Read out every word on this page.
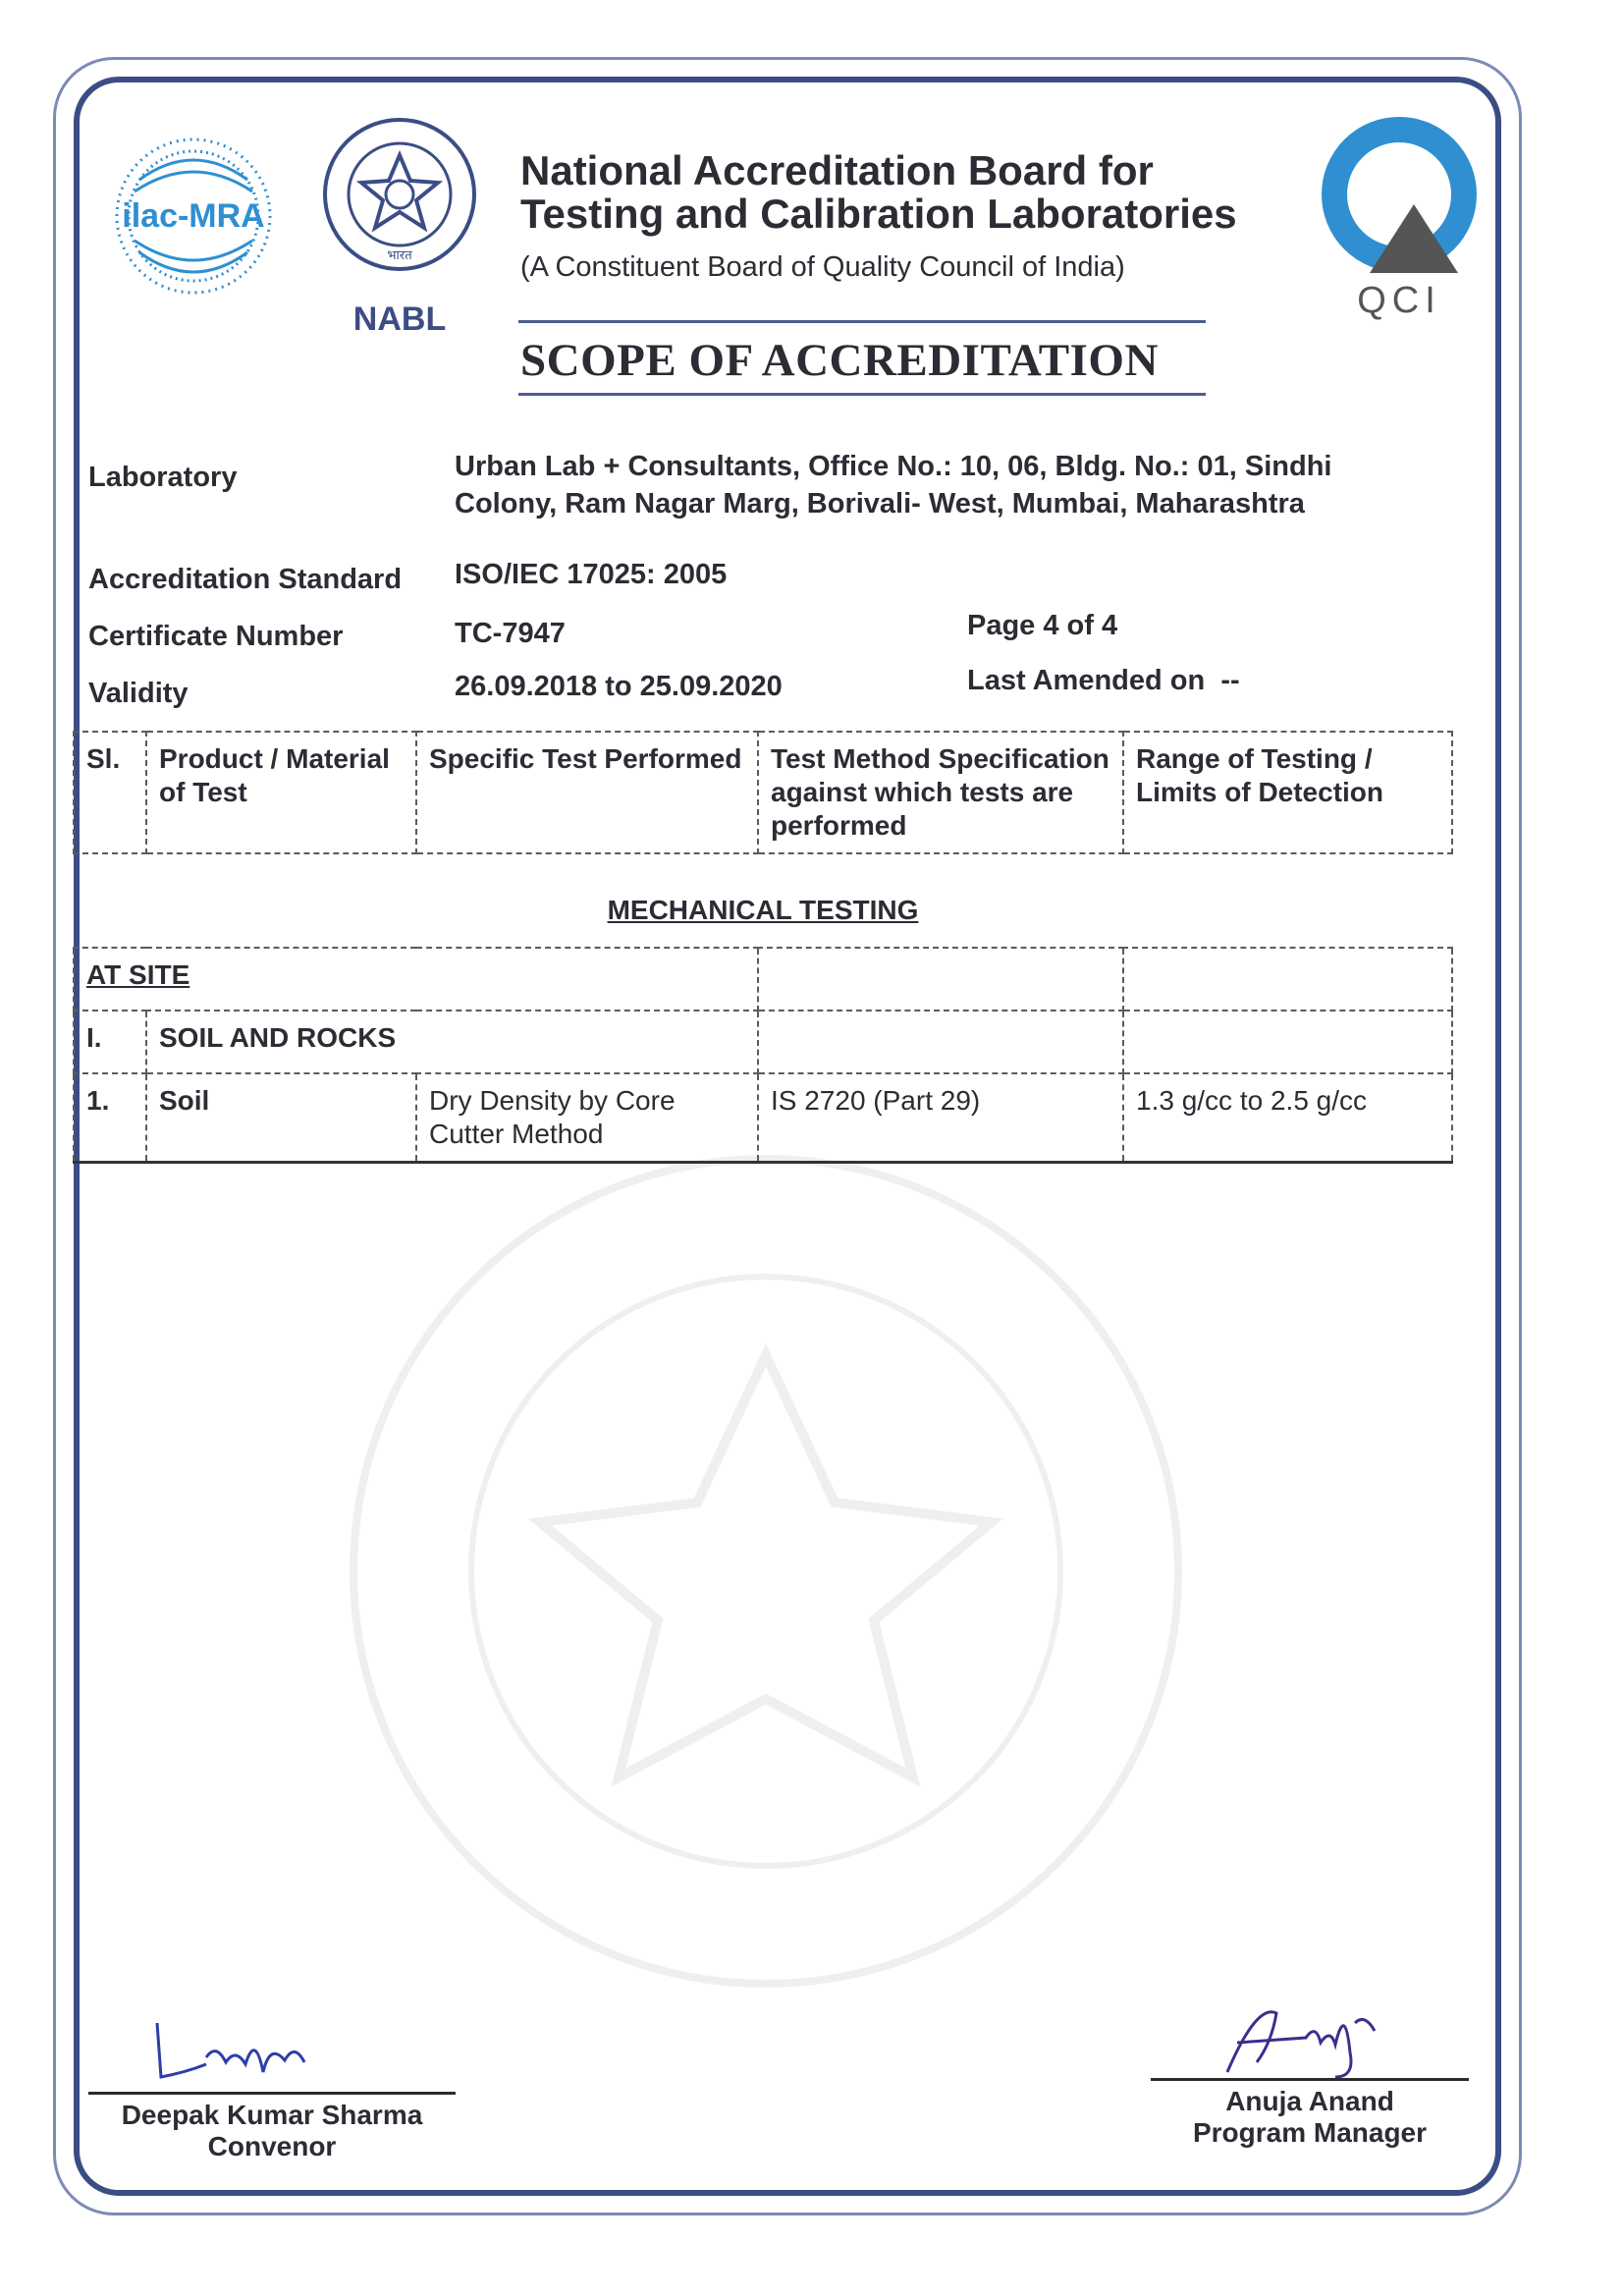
ilac-MRA
भारत
NABL	QCI
National Accreditation Board for
Testing and Calibration Laboratories
(A Constituent Board of Quality Council of India)
SCOPE OF ACCREDITATION
Laboratory	Urban Lab + Consultants, Office No.: 10, 06, Bldg. No.: 01, Sindhi
Colony, Ram Nagar Marg, Borivali- West, Mumbai, Maharashtra
Accreditation Standard ISO/IEC 17025: 2005
Certificate Number	TC-7947	Page 4 of 4
Validity	26.09.2018 to 25.09.2020	Last Amended on  --
Sl.	Product / Material of Test	Specific Test Performed	Test Method Specification against which tests are performed	Range of Testing / Limits of Detection
MECHANICAL TESTING				
AT SITE				
I.	SOIL AND ROCKS			
1.	Soil	Dry Density by Core Cutter Method	IS 2720 (Part 29)	1.3 g/cc to 2.5 g/cc
Deepak Kumar Sharma
Convenor
Anuja Anand
Program Manager
